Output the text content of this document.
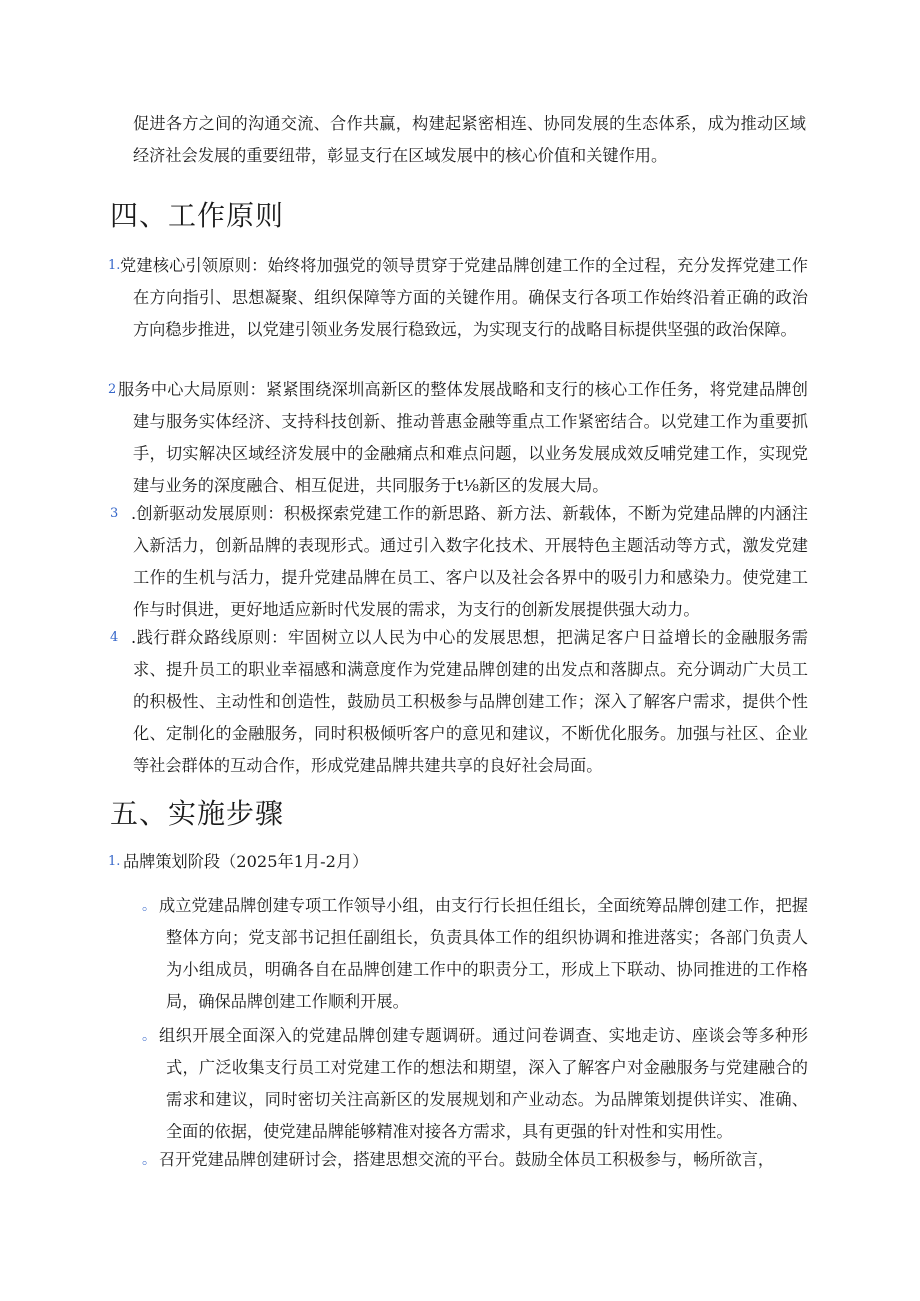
促进各方之间的沟通交流、合作共赢，构建起紧密相连、协同发展的生态体系，成为推动区域经济社会发展的重要纽带，彰显支行在区域发展中的核心价值和关键作用。

四、工作原则
1. 党建核心引领原则：始终将加强党的领导贯穿于党建品牌创建工作的全过程，充分发挥党建工作在方向指引、思想凝聚、组织保障等方面的关键作用。确保支行各项工作始终沿着正确的政治方向稳步推进，以党建引领业务发展行稳致远，为实现支行的战略目标提供坚强的政治保障。

2 服务中心大局原则：紧紧围绕深圳高新区的整体发展战略和支行的核心工作任务，将党建品牌创建与服务实体经济、支持科技创新、推动普惠金融等重点工作紧密结合。以党建工作为重要抓手，切实解决区域经济发展中的金融痛点和难点问题，以业务发展成效反哺党建工作，实现党建与业务的深度融合、相互促进，共同服务于t⅛新区的发展大局。

3 .创新驱动发展原则：积极探索党建工作的新思路、新方法、新载体，不断为党建品牌的内涵注入新活力，创新品牌的表现形式。通过引入数字化技术、开展特色主题活动等方式，激发党建工作的生机与活力，提升党建品牌在员工、客户以及社会各界中的吸引力和感染力。使党建工作与时俱进，更好地适应新时代发展的需求，为支行的创新发展提供强大动力。

4 .践行群众路线原则：牢固树立以人民为中心的发展思想，把满足客户日益增长的金融服务需求、提升员工的职业幸福感和满意度作为党建品牌创建的出发点和落脚点。充分调动广大员工的积极性、主动性和创造性，鼓励员工积极参与品牌创建工作；深入了解客户需求，提供个性化、定制化的金融服务，同时积极倾听客户的意见和建议，不断优化服务。加强与社区、企业等社会群体的互动合作，形成党建品牌共建共享的良好社会局面。

五、实施步骤
1. 品牌策划阶段（2025年1月-2月）

。 成立党建品牌创建专项工作领导小组，由支行行长担任组长，全面统筹品牌创建工作，把握整体方向；党支部书记担任副组长，负责具体工作的组织协调和推进落实；各部门负责人为小组成员，明确各自在品牌创建工作中的职责分工，形成上下联动、协同推进的工作格局，确保品牌创建工作顺利开展。

。 组织开展全面深入的党建品牌创建专题调研。通过问卷调查、实地走访、座谈会等多种形式，广泛收集支行员工对党建工作的想法和期望，深入了解客户对金融服务与党建融合的需求和建议，同时密切关注高新区的发展规划和产业动态。为品牌策划提供详实、准确、全面的依据，使党建品牌能够精准对接各方需求，具有更强的针对性和实用性。

。 召开党建品牌创建研讨会，搭建思想交流的平台。鼓励全体员工积极参与，畅所欲言，
